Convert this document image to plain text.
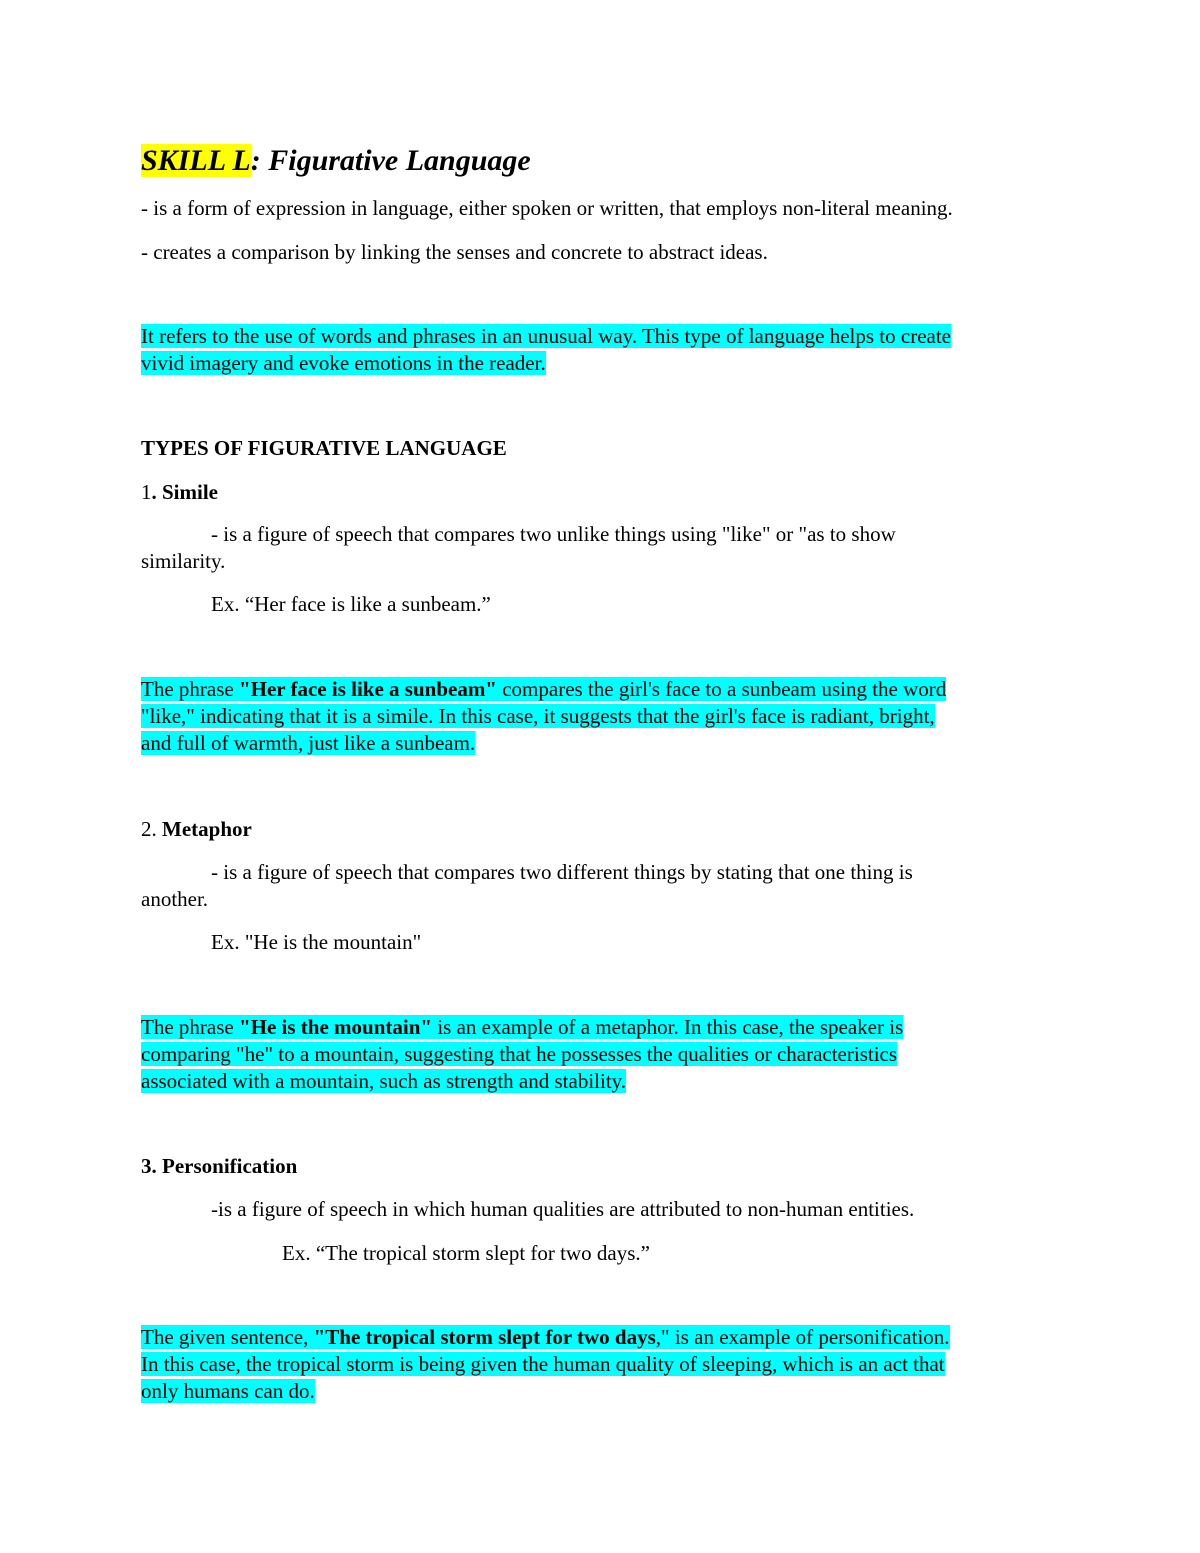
SKILL L: Figurative Language

- is a form of expression in language, either spoken or written, that employs non-literal meaning.

- creates a comparison by linking the senses and concrete to abstract ideas.

It refers to the use of words and phrases in an unusual way. This type of language helps to create

vivid imagery and evoke emotions in the reader.

TYPES OF FIGURATIVE LANGUAGE

1. Simile

- is a figure of speech that compares two unlike things using "like" or "as to show

similarity.

Ex. “Her face is like a sunbeam.”

The phrase "Her face is like a sunbeam" compares the girl's face to a sunbeam using the word

"like," indicating that it is a simile. In this case, it suggests that the girl's face is radiant, bright,

and full of warmth, just like a sunbeam.

2. Metaphor

- is a figure of speech that compares two different things by stating that one thing is

another.

Ex. "He is the mountain"

The phrase "He is the mountain" is an example of a metaphor. In this case, the speaker is

comparing "he" to a mountain, suggesting that he possesses the qualities or characteristics

associated with a mountain, such as strength and stability.

3. Personification

-is a figure of speech in which human qualities are attributed to non-human entities.

Ex. “The tropical storm slept for two days.”

The given sentence, "The tropical storm slept for two days," is an example of personification.

In this case, the tropical storm is being given the human quality of sleeping, which is an act that

only humans can do.
